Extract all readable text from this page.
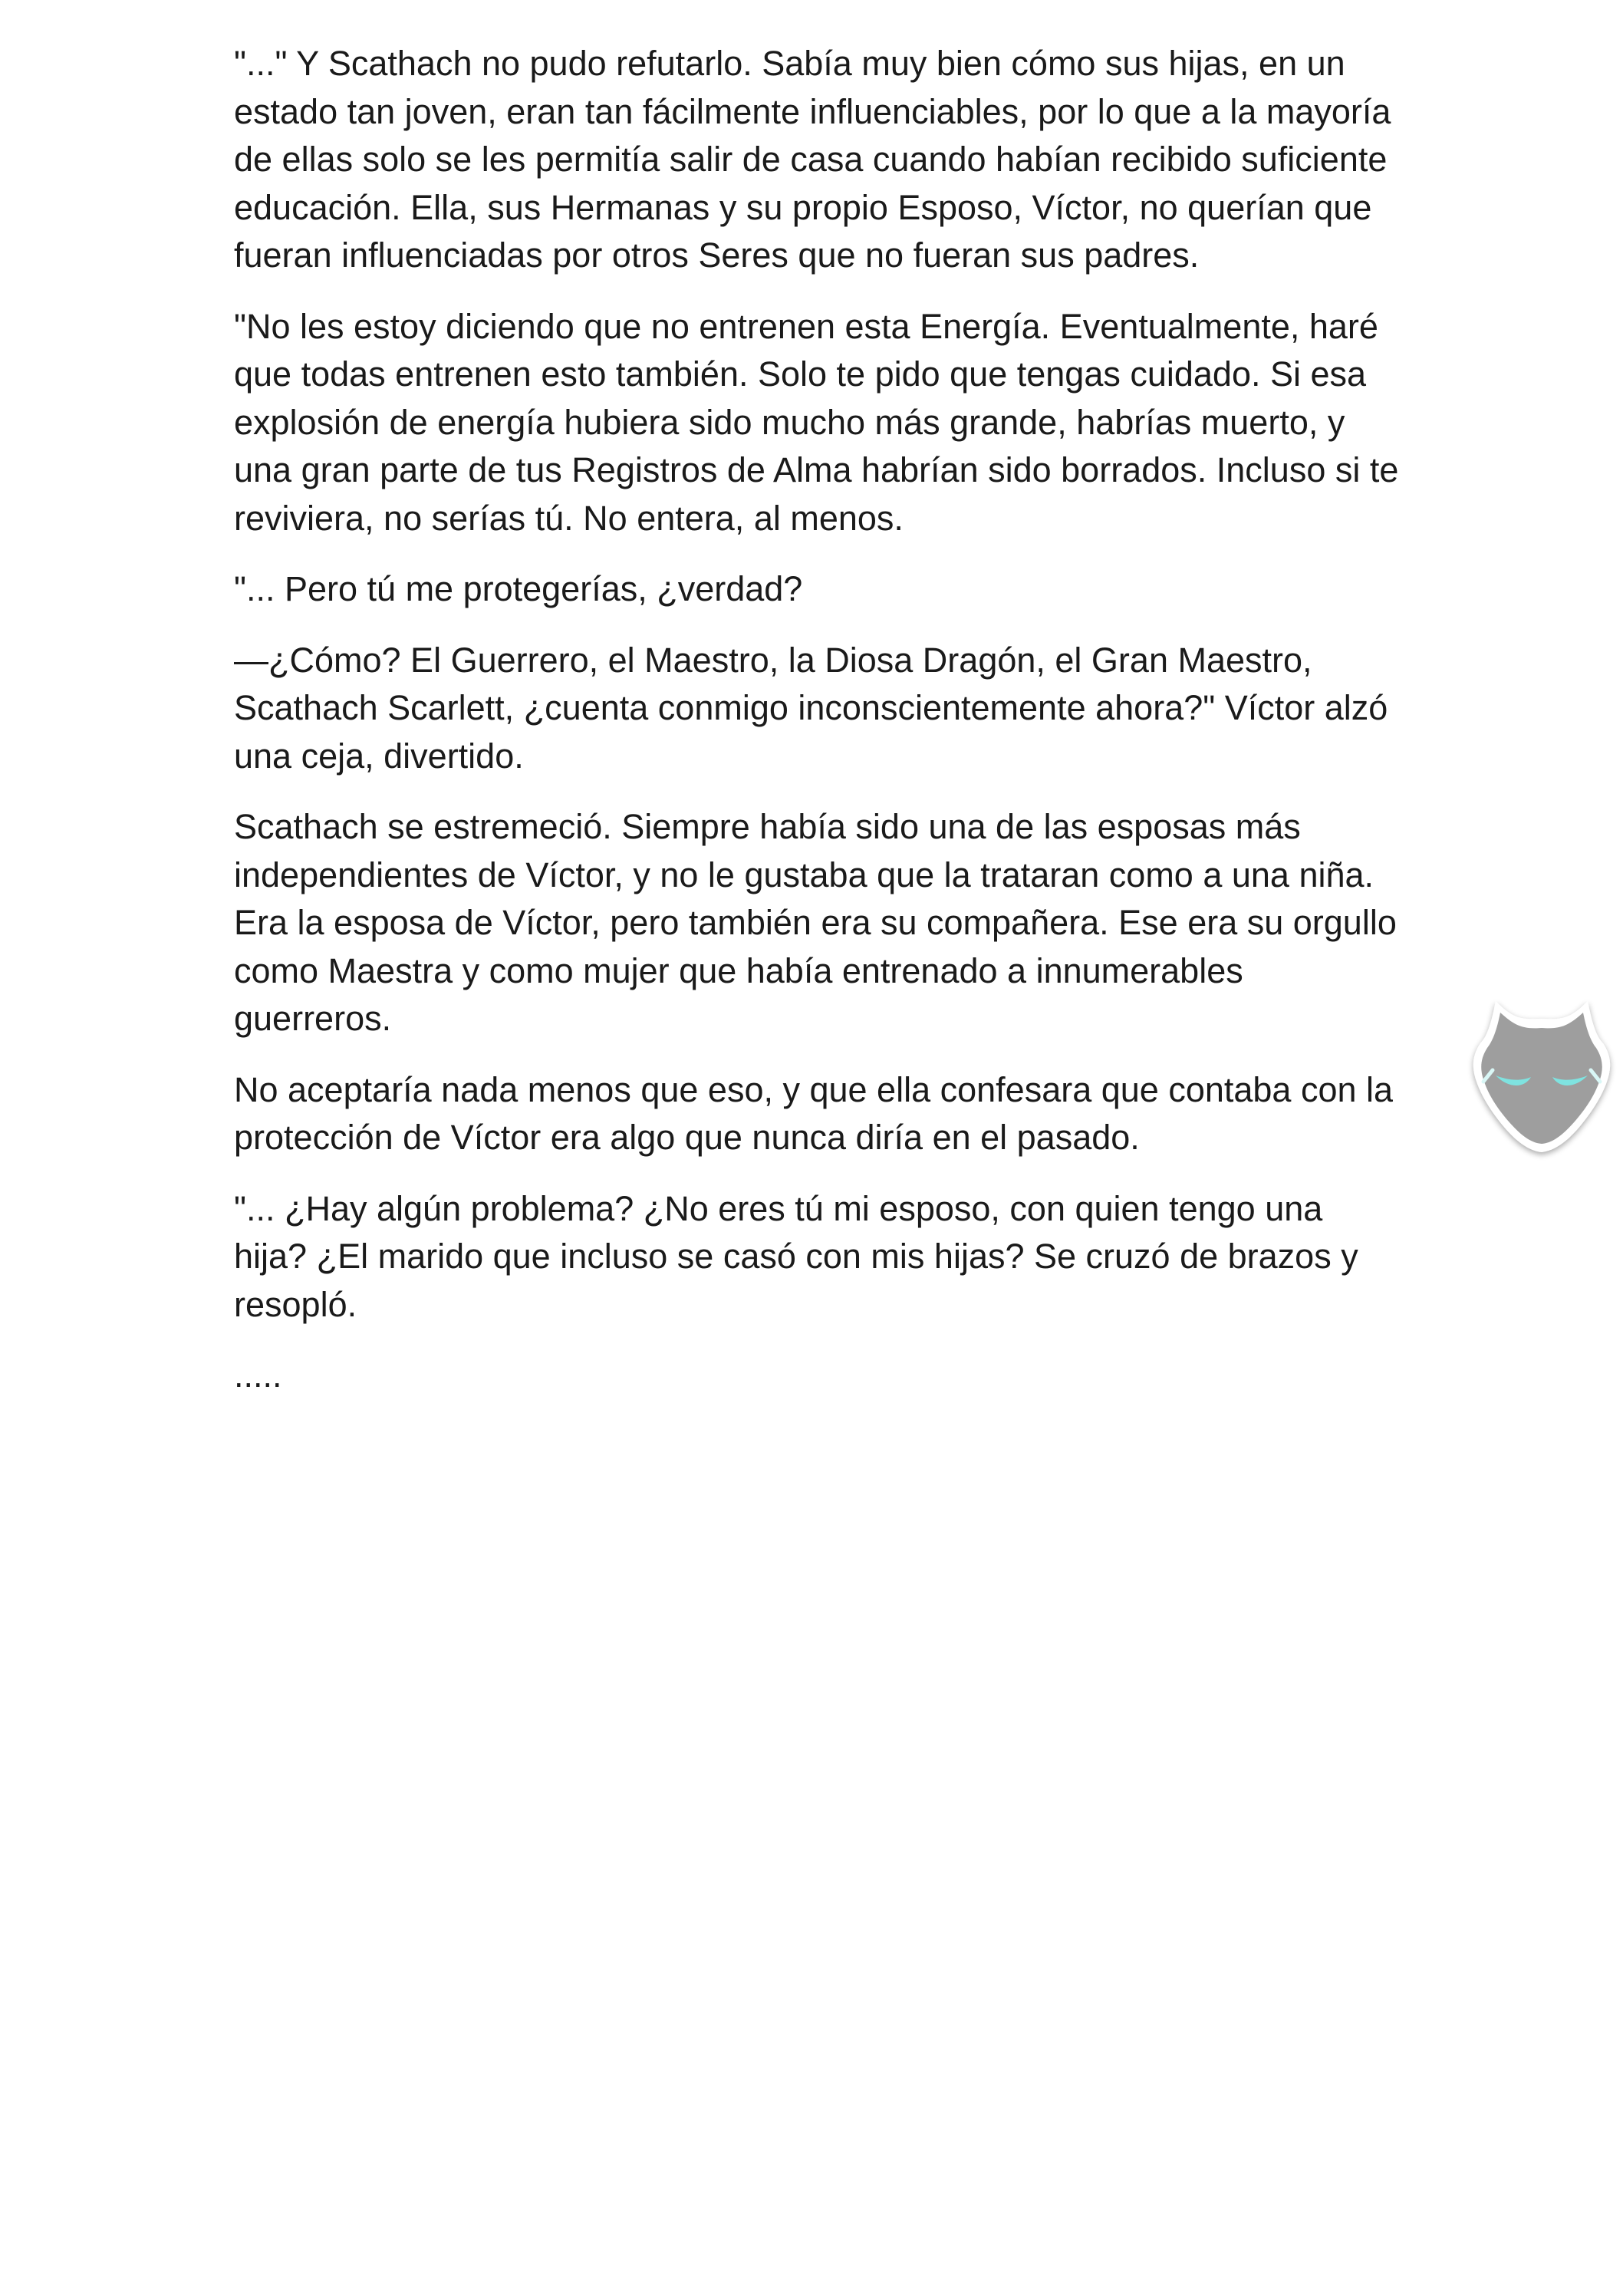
"..." Y Scathach no pudo refutarlo. Sabía muy bien cómo sus hijas, en un estado tan joven, eran tan fácilmente influenciables, por lo que a la mayoría de ellas solo se les permitía salir de casa cuando habían recibido suficiente educación. Ella, sus Hermanas y su propio Esposo, Víctor, no querían que fueran influenciadas por otros Seres que no fueran sus padres.

"No les estoy diciendo que no entrenen esta Energía. Eventualmente, haré que todas entrenen esto también. Solo te pido que tengas cuidado. Si esa explosión de energía hubiera sido mucho más grande, habrías muerto, y una gran parte de tus Registros de Alma habrían sido borrados. Incluso si te reviviera, no serías tú. No entera, al menos.

"... Pero tú me protegerías, ¿verdad?

—¿Cómo? El Guerrero, el Maestro, la Diosa Dragón, el Gran Maestro, Scathach Scarlett, ¿cuenta conmigo inconscientemente ahora?" Víctor alzó una ceja, divertido.

Scathach se estremeció. Siempre había sido una de las esposas más independientes de Víctor, y no le gustaba que la trataran como a una niña. Era la esposa de Víctor, pero también era su compañera. Ese era su orgullo como Maestra y como mujer que había entrenado a innumerables guerreros.

No aceptaría nada menos que eso, y que ella confesara que contaba con la protección de Víctor era algo que nunca diría en el pasado.

"... ¿Hay algún problema? ¿No eres tú mi esposo, con quien tengo una hija? ¿El marido que incluso se casó con mis hijas? Se cruzó de brazos y resopló.

.....
